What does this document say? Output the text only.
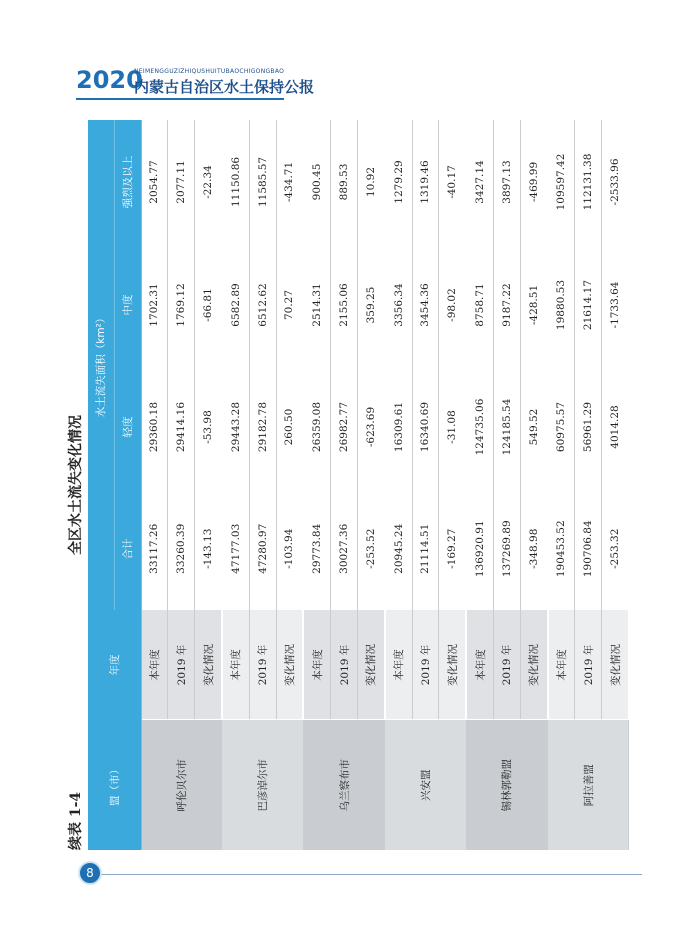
2020
NEIMENGGUZIZHIQUSHUITUBAOCHIGONGBAO
内蒙古自治区水土保持公报
续表 1-4
全区水土流失变化情况
盟（市）	年度	水土流失面积（km²）			
		合计	轻度	中度	强烈及以上
呼伦贝尔市	本年度	33117.26	29360.18	1702.31	2054.77
	2019 年	33260.39	29414.16	1769.12	2077.11
	变化情况	-143.13	-53.98	-66.81	-22.34
巴彦淖尔市	本年度	47177.03	29443.28	6582.89	11150.86
	2019 年	47280.97	29182.78	6512.62	11585.57
	变化情况	-103.94	260.50	70.27	-434.71
乌兰察布市	本年度	29773.84	26359.08	2514.31	900.45
	2019 年	30027.36	26982.77	2155.06	889.53
	变化情况	-253.52	-623.69	359.25	10.92
兴安盟	本年度	20945.24	16309.61	3356.34	1279.29
	2019 年	21114.51	16340.69	3454.36	1319.46
	变化情况	-169.27	-31.08	-98.02	-40.17
锡林郭勒盟	本年度	136920.91	124735.06	8758.71	3427.14
	2019 年	137269.89	124185.54	9187.22	3897.13
	变化情况	-348.98	549.52	-428.51	-469.99
阿拉善盟	本年度	190453.52	60975.57	19880.53	109597.42
	2019 年	190706.84	56961.29	21614.17	112131.38
	变化情况	-253.32	4014.28	-1733.64	-2533.96
8
